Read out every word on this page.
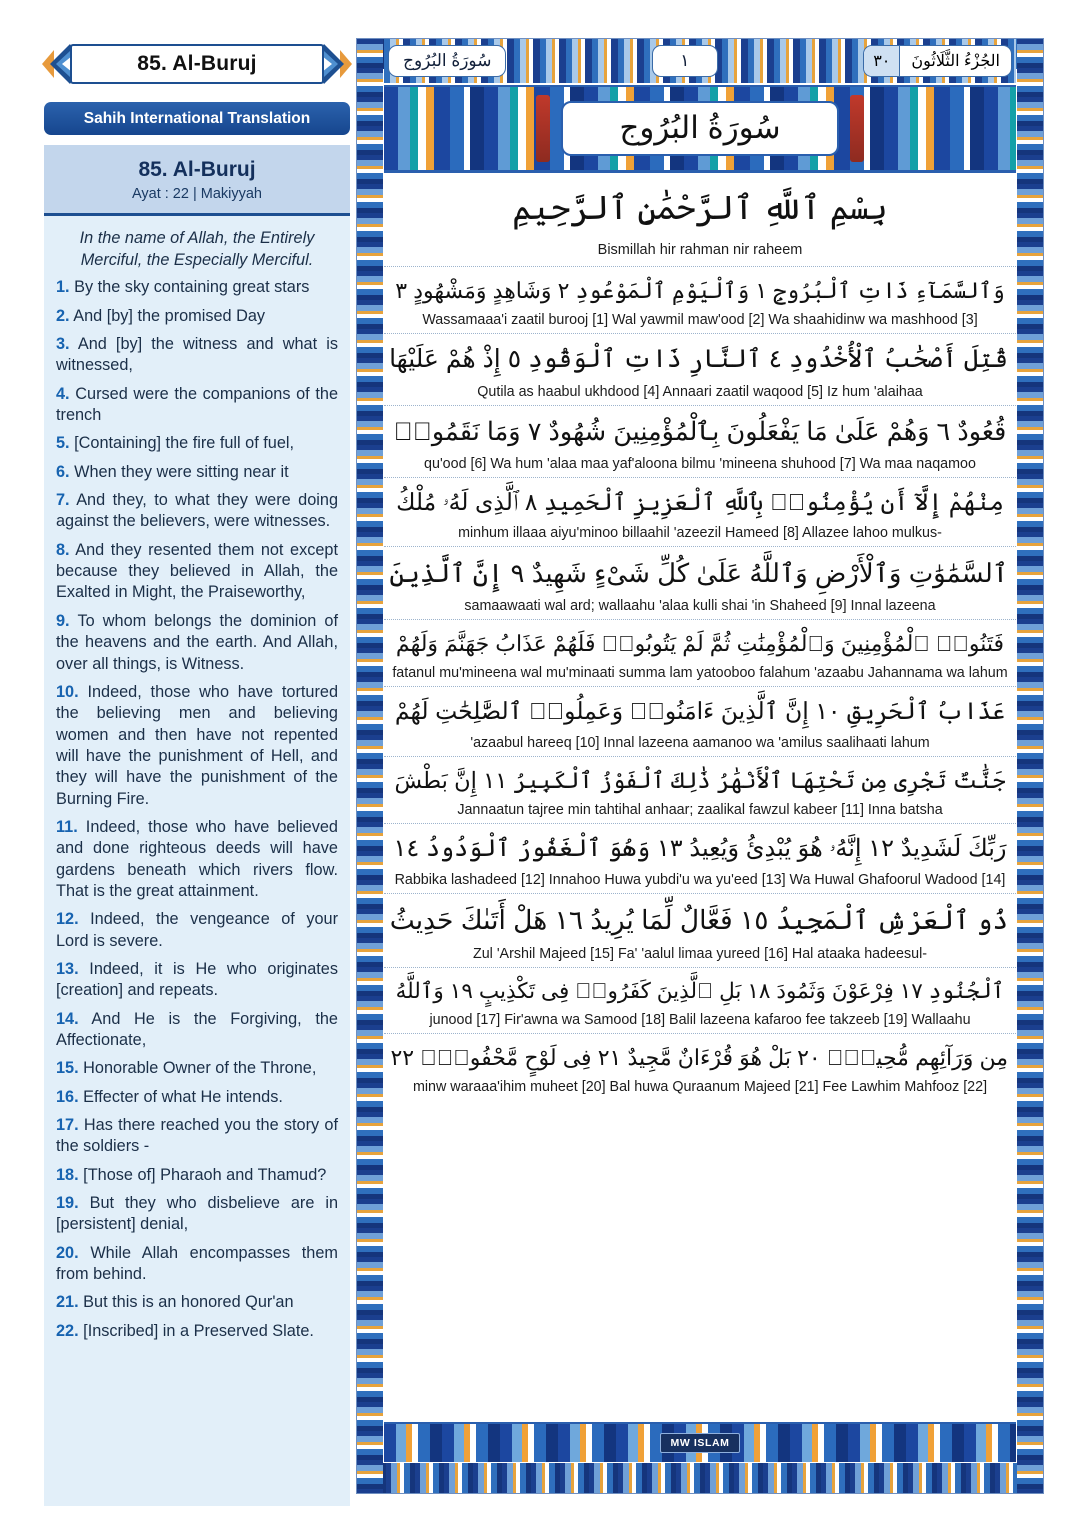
85. Al-Buruj
Sahih International Translation
85. Al-Buruj
Ayat : 22 | Makiyyah
In the name of Allah, the Entirely Merciful, the Especially Merciful.
1. By the sky containing great stars
2. And [by] the promised Day
3. And [by] the witness and what is witnessed,
4. Cursed were the companions of the trench
5. [Containing] the fire full of fuel,
6. When they were sitting near it
7. And they, to what they were doing against the believers, were witnesses.
8. And they resented them not except because they believed in Allah, the Exalted in Might, the Praiseworthy,
9. To whom belongs the dominion of the heavens and the earth. And Allah, over all things, is Witness.
10. Indeed, those who have tortured the believing men and believing women and then have not repented will have the punishment of Hell, and they will have the punishment of the Burning Fire.
11. Indeed, those who have believed and done righteous deeds will have gardens beneath which rivers flow. That is the great attainment.
12. Indeed, the vengeance of your Lord is severe.
13. Indeed, it is He who originates [creation] and repeats.
14. And He is the Forgiving, the Affectionate,
15. Honorable Owner of the Throne,
16. Effecter of what He intends.
17. Has there reached you the story of the soldiers -
18. [Those of] Pharaoh and Thamud?
19. But they who disbelieve are in [persistent] denial,
20. While Allah encompasses them from behind.
21. But this is an honored Qur'an
22. [Inscribed] in a Preserved Slate.
سُورَةُ البُرُوج	١	٣٠	الجُزْءُ الثَّلَاثُونَ
سُورَةُ البُرُوج
بِسْمِ ٱللَّهِ ٱلرَّحْمَٰنِ ٱلرَّحِيمِ
Bismillah hir rahman nir raheem
وَٱلسَّمَآءِ ذَاتِ ٱلْبُرُوجِ ١ وَٱلْيَوْمِ ٱلْمَوْعُودِ ٢ وَشَاهِدٍ وَمَشْهُودٍ ٣
Wassamaaa'i zaatil burooj [1] Wal yawmil maw'ood [2] Wa shaahidinw wa mashhood [3]
قُتِلَ أَصْحَٰبُ ٱلْأُخْدُودِ ٤ ٱلنَّارِ ذَاتِ ٱلْوَقُودِ ٥ إِذْ هُمْ عَلَيْهَا
Qutila as haabul ukhdood [4] Annaari zaatil waqood [5] Iz hum 'alaihaa
قُعُودٌ ٦ وَهُمْ عَلَىٰ مَا يَفْعَلُونَ بِٱلْمُؤْمِنِينَ شُهُودٌ ٧ وَمَا نَقَمُوا۟
qu'ood [6] Wa hum 'alaa maa yaf'aloona bilmu 'mineena shuhood [7] Wa maa naqamoo
مِنْهُمْ إِلَّآ أَن يُؤْمِنُوا۟ بِٱللَّهِ ٱلْعَزِيزِ ٱلْحَمِيدِ ٨ ٱلَّذِى لَهُۥ مُلْكُ
minhum illaaa aiyu'minoo billaahil 'azeezil Hameed [8] Allazee lahoo mulkus-
ٱلسَّمَٰوَٰتِ وَٱلْأَرْضِ وَٱللَّهُ عَلَىٰ كُلِّ شَىْءٍ شَهِيدٌ ٩ إِنَّ ٱلَّذِينَ
samaawaati wal ard; wallaahu 'alaa kulli shai 'in Shaheed [9] Innal lazeena
فَتَنُوا۟ ٱلْمُؤْمِنِينَ وَٱلْمُؤْمِنَٰتِ ثُمَّ لَمْ يَتُوبُوا۟ فَلَهُمْ عَذَابُ جَهَنَّمَ وَلَهُمْ
fatanul mu'mineena wal mu'minaati summa lam yatooboo falahum 'azaabu Jahannama wa lahum
عَذَابُ ٱلْحَرِيقِ ١٠ إِنَّ ٱلَّذِينَ ءَامَنُوا۟ وَعَمِلُوا۟ ٱلصَّٰلِحَٰتِ لَهُمْ
'azaabul hareeq [10] Innal lazeena aamanoo wa 'amilus saalihaati lahum
جَنَّٰتٌ تَجْرِى مِن تَحْتِهَا ٱلْأَنْهَٰرُ ذَٰلِكَ ٱلْفَوْزُ ٱلْكَبِيرُ ١١ إِنَّ بَطْشَ
Jannaatun tajree min tahtihal anhaar; zaalikal fawzul kabeer [11] Inna batsha
رَبِّكَ لَشَدِيدٌ ١٢ إِنَّهُۥ هُوَ يُبْدِئُ وَيُعِيدُ ١٣ وَهُوَ ٱلْغَفُورُ ٱلْوَدُودُ ١٤
Rabbika lashadeed [12] Innahoo Huwa yubdi'u wa yu'eed [13] Wa Huwal Ghafoorul Wadood [14]
ذُو ٱلْعَرْشِ ٱلْمَجِيدُ ١٥ فَعَّالٌ لِّمَا يُرِيدُ ١٦ هَلْ أَتَىٰكَ حَدِيثُ
Zul 'Arshil Majeed [15] Fa' 'aalul limaa yureed [16] Hal ataaka hadeesul-
ٱلْجُنُودِ ١٧ فِرْعَوْنَ وَثَمُودَ ١٨ بَلِ ٱلَّذِينَ كَفَرُوا۟ فِى تَكْذِيبٍ ١٩ وَٱللَّهُ
junood [17] Fir'awna wa Samood [18] Balil lazeena kafaroo fee takzeeb [19] Wallaahu
مِن وَرَآئِهِم مُّحِيطٌۢ ٢٠ بَلْ هُوَ قُرْءَانٌ مَّجِيدٌ ٢١ فِى لَوْحٍ مَّحْفُوظٍۭ ٢٢
minw waraaa'ihim muheet [20] Bal huwa Quraanum Majeed [21] Fee Lawhim Mahfooz [22]
MW ISLAM
